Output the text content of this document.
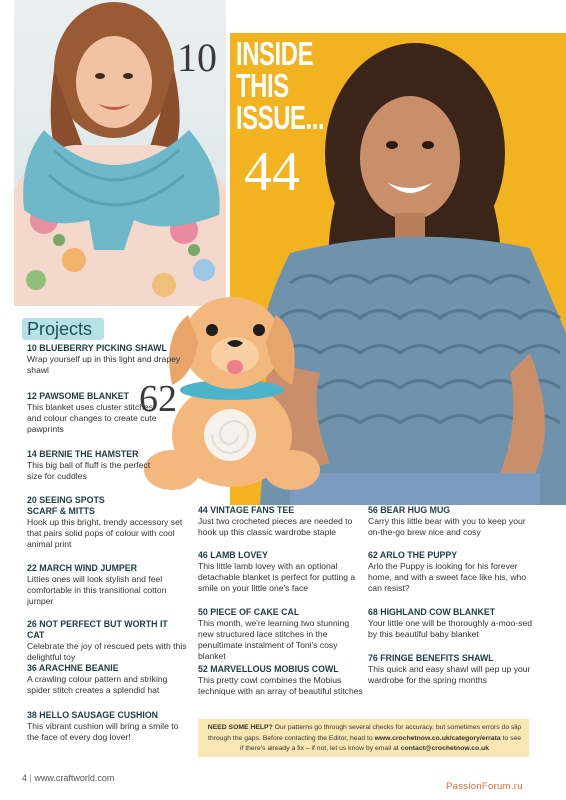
10 INSIDE THIS ISSUE...
44
62
Projects
10 BLUEBERRY PICKING SHAWL
Wrap yourself up in this light and drapey shawl
12 PAWSOME BLANKET
This blanket uses cluster stitches and colour changes to create cute pawprints
14 BERNIE THE HAMSTER
This big ball of fluff is the perfect size for cuddles
20 SEEING SPOTS SCARF & MITTS
Hook up this bright, trendy accessory set that pairs solid pops of colour with cool animal print
22 MARCH WIND JUMPER
Litties ones will look stylish and feel comfortable in this transitional cotton jumper
26 NOT PERFECT BUT WORTH IT CAT
Celebrate the joy of rescued pets with this delightful toy
36 ARACHNE BEANIE
A crawling colour pattern and striking spider stitch creates a splendid hat
38 HELLO SAUSAGE CUSHION
This vibrant cushion will bring a smile to the face of every dog lover!
44 VINTAGE FANS TEE
Just two crocheted pieces are needed to hook up this classic wardrobe staple
46 LAMB LOVEY
This little lamb lovey with an optional detachable blanket is perfect for putting a smile on your little one's face
50 PIECE OF CAKE CAL
This month, we're learning two stunning new structured lace stitches in the penultimate instalment of Toni's cosy blanket
52 MARVELLOUS MOBIUS COWL
This pretty cowl combines the Mobius technique with an array of beautiful stitches
56 BEAR HUG MUG
Carry this little bear with you to keep your on-the-go brew nice and cosy
62 ARLO THE PUPPY
Arlo the Puppy is looking for his forever home, and with a sweet face like his, who can resist?
68 HIGHLAND COW BLANKET
Your little one will be thoroughly a-moo-sed by this beautiful baby blanket
76 FRINGE BENEFITS SHAWL
This quick and easy shawl will pep up your wardrobe for the spring months
NEED SOME HELP? Our patterns go through several checks for accuracy, but sometimes errors do slip through the gaps. Before contacting the Editor, head to www.crochetnow.co.uk/category/errata to see if there's already a fix – if not, let us know by email at contact@crochetnow.co.uk
4 | www.craftworld.com
PassionForum.ru
